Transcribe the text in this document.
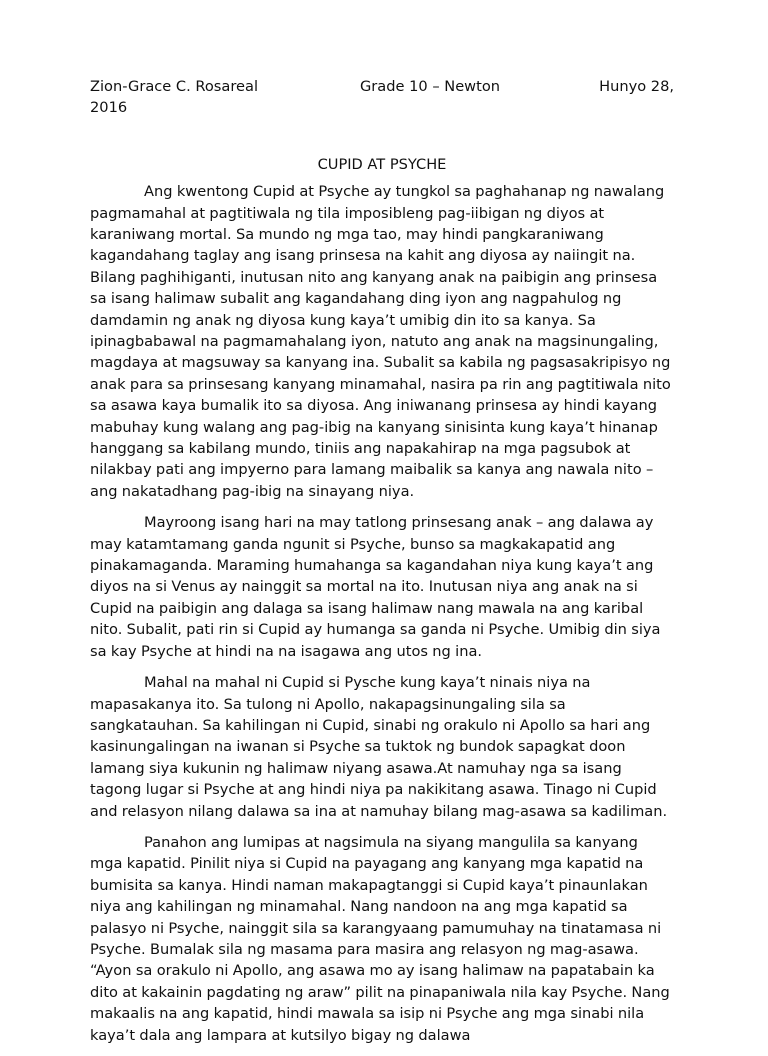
Zion-Grace C. Rosareal	Grade 10 – Newton	Hunyo 28,
2016
CUPID AT PSYCHE

Ang kwentong Cupid at Psyche ay tungkol sa paghahanap ng nawalang pagmamahal at pagtitiwala ng tila imposibleng pag-iibigan ng diyos at karaniwang mortal. Sa mundo ng mga tao, may hindi pangkaraniwang kagandahang taglay ang isang prinsesa na kahit ang diyosa ay naiingit na. Bilang paghihiganti, inutusan nito ang kanyang anak na paibigin ang prinsesa sa isang halimaw subalit ang kagandahang ding iyon ang nagpahulog ng damdamin ng anak ng diyosa kung kaya’t umibig din ito sa kanya. Sa ipinagbabawal na pagmamahalang iyon, natuto ang anak na magsinungaling, magdaya at magsuway sa kanyang ina. Subalit sa kabila ng pagsasakripisyo ng anak para sa prinsesang kanyang minamahal, nasira pa rin ang pagtitiwala nito sa asawa kaya bumalik ito sa diyosa. Ang iniwanang prinsesa ay hindi kayang mabuhay kung walang ang pag-ibig na kanyang sinisinta kung kaya’t hinanap hanggang sa kabilang mundo, tiniis ang napakahirap na mga pagsubok at nilakbay pati ang impyerno para lamang maibalik sa kanya ang nawala nito – ang nakatadhang pag-ibig na sinayang niya.

Mayroong isang hari na may tatlong prinsesang anak – ang dalawa ay may katamtamang ganda ngunit si Psyche, bunso sa magkakapatid ang pinakamaganda. Maraming humahanga sa kagandahan niya kung kaya’t ang diyos na si Venus ay nainggit sa mortal na ito. Inutusan niya ang anak na si Cupid na paibigin ang dalaga sa isang halimaw nang mawala na ang karibal nito. Subalit, pati rin si Cupid ay humanga sa ganda ni Psyche. Umibig din siya sa kay Psyche at hindi na na isagawa ang utos ng ina.

Mahal na mahal ni Cupid si Pysche kung kaya’t ninais niya na mapasakanya ito. Sa tulong ni Apollo, nakapagsinungaling sila sa sangkatauhan. Sa kahilingan ni Cupid, sinabi ng orakulo ni Apollo sa hari ang kasinungalingan na iwanan si Psyche sa tuktok ng bundok sapagkat doon lamang siya kukunin ng halimaw niyang asawa.At namuhay nga sa isang tagong lugar si Psyche at ang hindi niya pa nakikitang asawa. Tinago ni Cupid and relasyon nilang dalawa sa ina at namuhay bilang mag-asawa sa kadiliman.

Panahon ang lumipas at nagsimula na siyang mangulila sa kanyang mga kapatid. Pinilit niya si Cupid na payagang ang kanyang mga kapatid na bumisita sa kanya. Hindi naman makapagtanggi si Cupid kaya’t pinaunlakan niya ang kahilingan ng minamahal. Nang nandoon na ang mga kapatid sa palasyo ni Psyche, nainggit sila sa karangyaang pamumuhay na tinatamasa ni Psyche. Bumalak sila ng masama para masira ang relasyon ng mag-asawa. “Ayon sa orakulo ni Apollo, ang asawa mo ay isang halimaw na papatabain ka dito at kakainin pagdating ng araw” pilit na pinapaniwala nila kay Psyche. Nang makaalis na ang kapatid, hindi mawala sa isip ni Psyche ang mga sinabi nila kaya’t dala ang lampara at kutsilyo bigay ng dalawa
